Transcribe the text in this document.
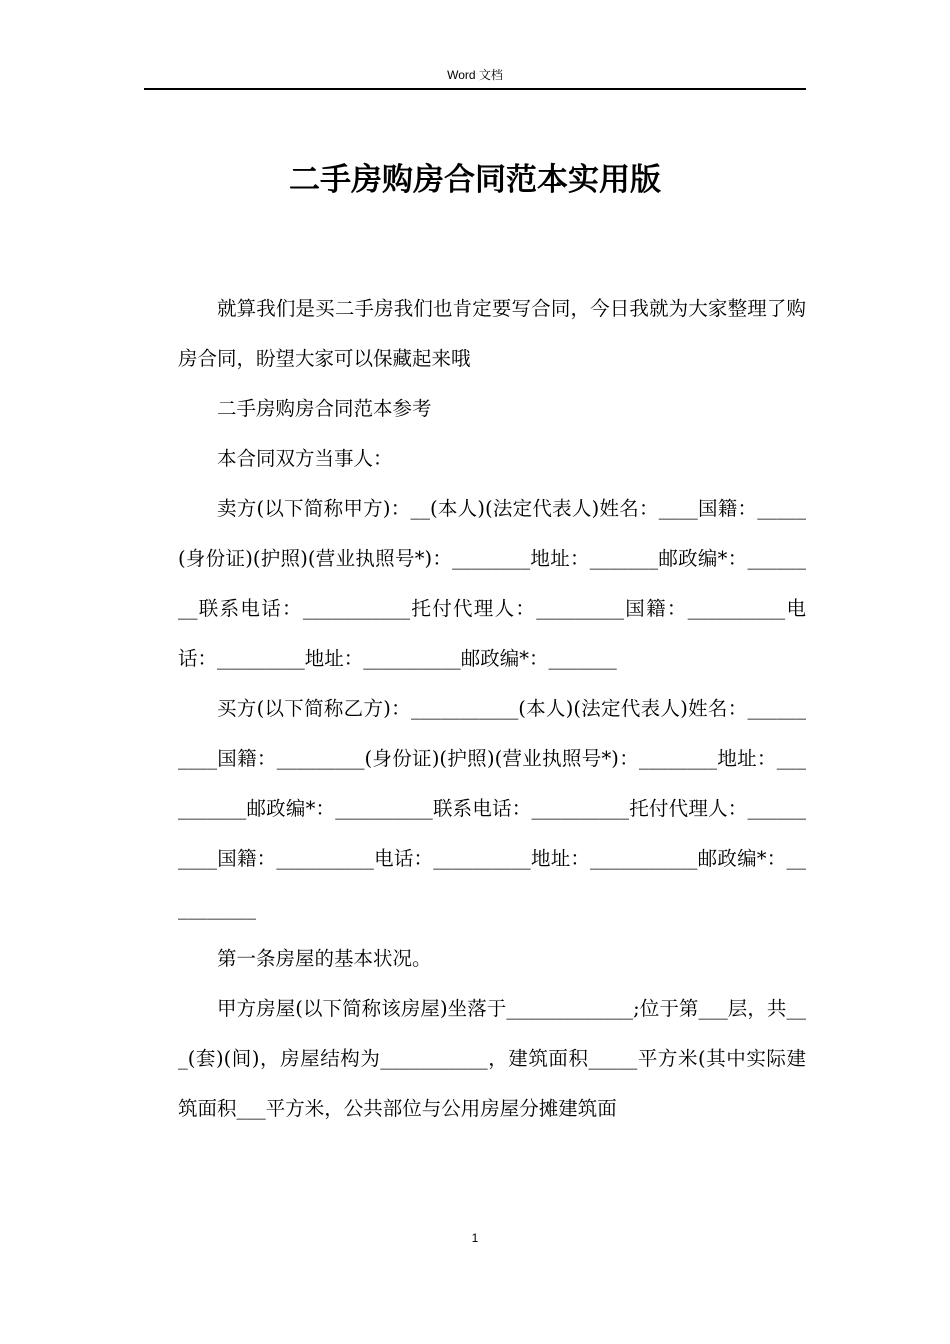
Word 文档
二手房购房合同范本实用版

就算我们是买二手房我们也肯定要写合同，今日我就为大家整理了购房合同，盼望大家可以保藏起来哦

二手房购房合同范本参考

本合同双方当事人：

卖方(以下简称甲方)：__(本人)(法定代表人)姓名：____国籍：_____(身份证)(护照)(营业执照号*)：________地址：_______邮政编*：________联系电话：___________托付代理人：_________国籍：__________电话：_________地址：__________邮政编*：_______

买方(以下简称乙方)：___________(本人)(法定代表人)姓名：__________国籍：_________(身份证)(护照)(营业执照号*)：________地址：__________邮政编*：__________联系电话：__________托付代理人：__________国籍：__________电话：__________地址：___________邮政编*：__________

第一条房屋的基本状况。

甲方房屋(以下简称该房屋)坐落于_____________;位于第___层，共___(套)(间)，房屋结构为___________，建筑面积_____平方米(其中实际建筑面积___平方米，公共部位与公用房屋分摊建筑面

1
